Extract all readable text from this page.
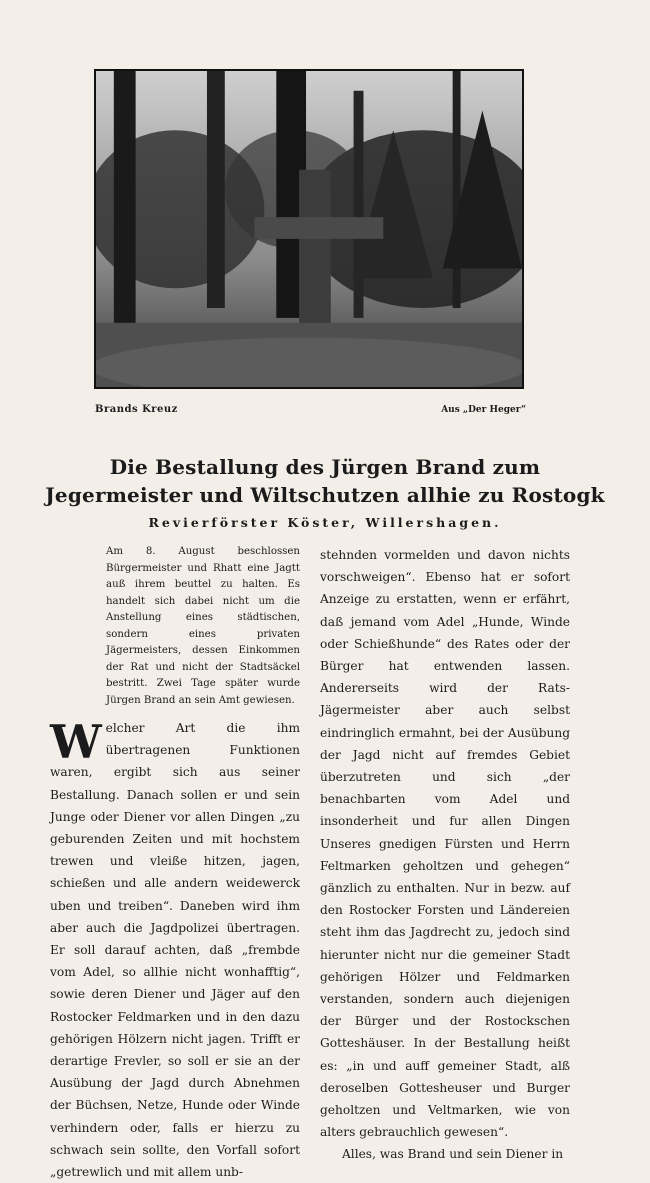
Brands Kreuz	Aus „Der Heger“
Die Bestallung des Jürgen Brand zum
Jegermeister und Wiltschutzen allhie zu Rostogk
Revierförster Köster, Willershagen.

Am 8. August beschlossen Bürgermeister und Rhatt eine Jagtt auß ihrem beuttel zu halten. Es handelt sich dabei nicht um die Anstellung eines städtischen, sondern eines privaten Jägermeisters, dessen Einkommen der Rat und nicht der Stadtsäckel bestritt. Zwei Tage später wurde Jürgen Brand an sein Amt gewiesen.

W elcher Art die ihm übertragenen Funktionen waren, ergibt sich aus seiner Bestallung. Danach sollen er und sein Junge oder Diener vor allen Dingen „zu geburenden Zeiten und mit hochstem trewen und vleiße hitzen, jagen, schießen und alle andern weidewerck uben und treiben“. Daneben wird ihm aber auch die Jagdpolizei übertragen. Er soll darauf achten, daß „frembde vom Adel, so allhie nicht wonhafftig“, sowie deren Diener und Jäger auf den Rostocker Feldmarken und in den dazu gehörigen Hölzern nicht jagen. Trifft er derartige Frevler, so soll er sie an der Ausübung der Jagd durch Abnehmen der Büchsen, Netze, Hunde oder Winde verhindern oder, falls er hierzu zu schwach sein sollte, den Vorfall sofort „getrewlich und mit allem unb-

stehnden vormelden und davon nichts vorschweigen“. Ebenso hat er sofort Anzeige zu erstatten, wenn er erfährt, daß jemand vom Adel „Hunde, Winde oder Schießhunde“ des Rates oder der Bürger hat entwenden lassen. Andererseits wird der Rats-Jägermeister aber auch selbst eindringlich ermahnt, bei der Ausübung der Jagd nicht auf fremdes Gebiet überzutreten und sich „der benachbarten vom Adel und insonderheit und fur allen Dingen Unseres gnedigen Fürsten und Herrn Feltmarken geholtzen und gehegen“ gänzlich zu enthalten. Nur in bezw. auf den Rostocker Forsten und Ländereien steht ihm das Jagdrecht zu, jedoch sind hierunter nicht nur die gemeiner Stadt gehörigen Hölzer und Feldmarken verstanden, sondern auch diejenigen der Bürger und der Rostockschen Gotteshäuser. In der Bestallung heißt es: „in und auff gemeiner Stadt, alß deroselben Gottesheuser und Burger geholtzen und Veltmarken, wie von alters gebrauchlich gewesen“.

Alles, was Brand und sein Diener in
